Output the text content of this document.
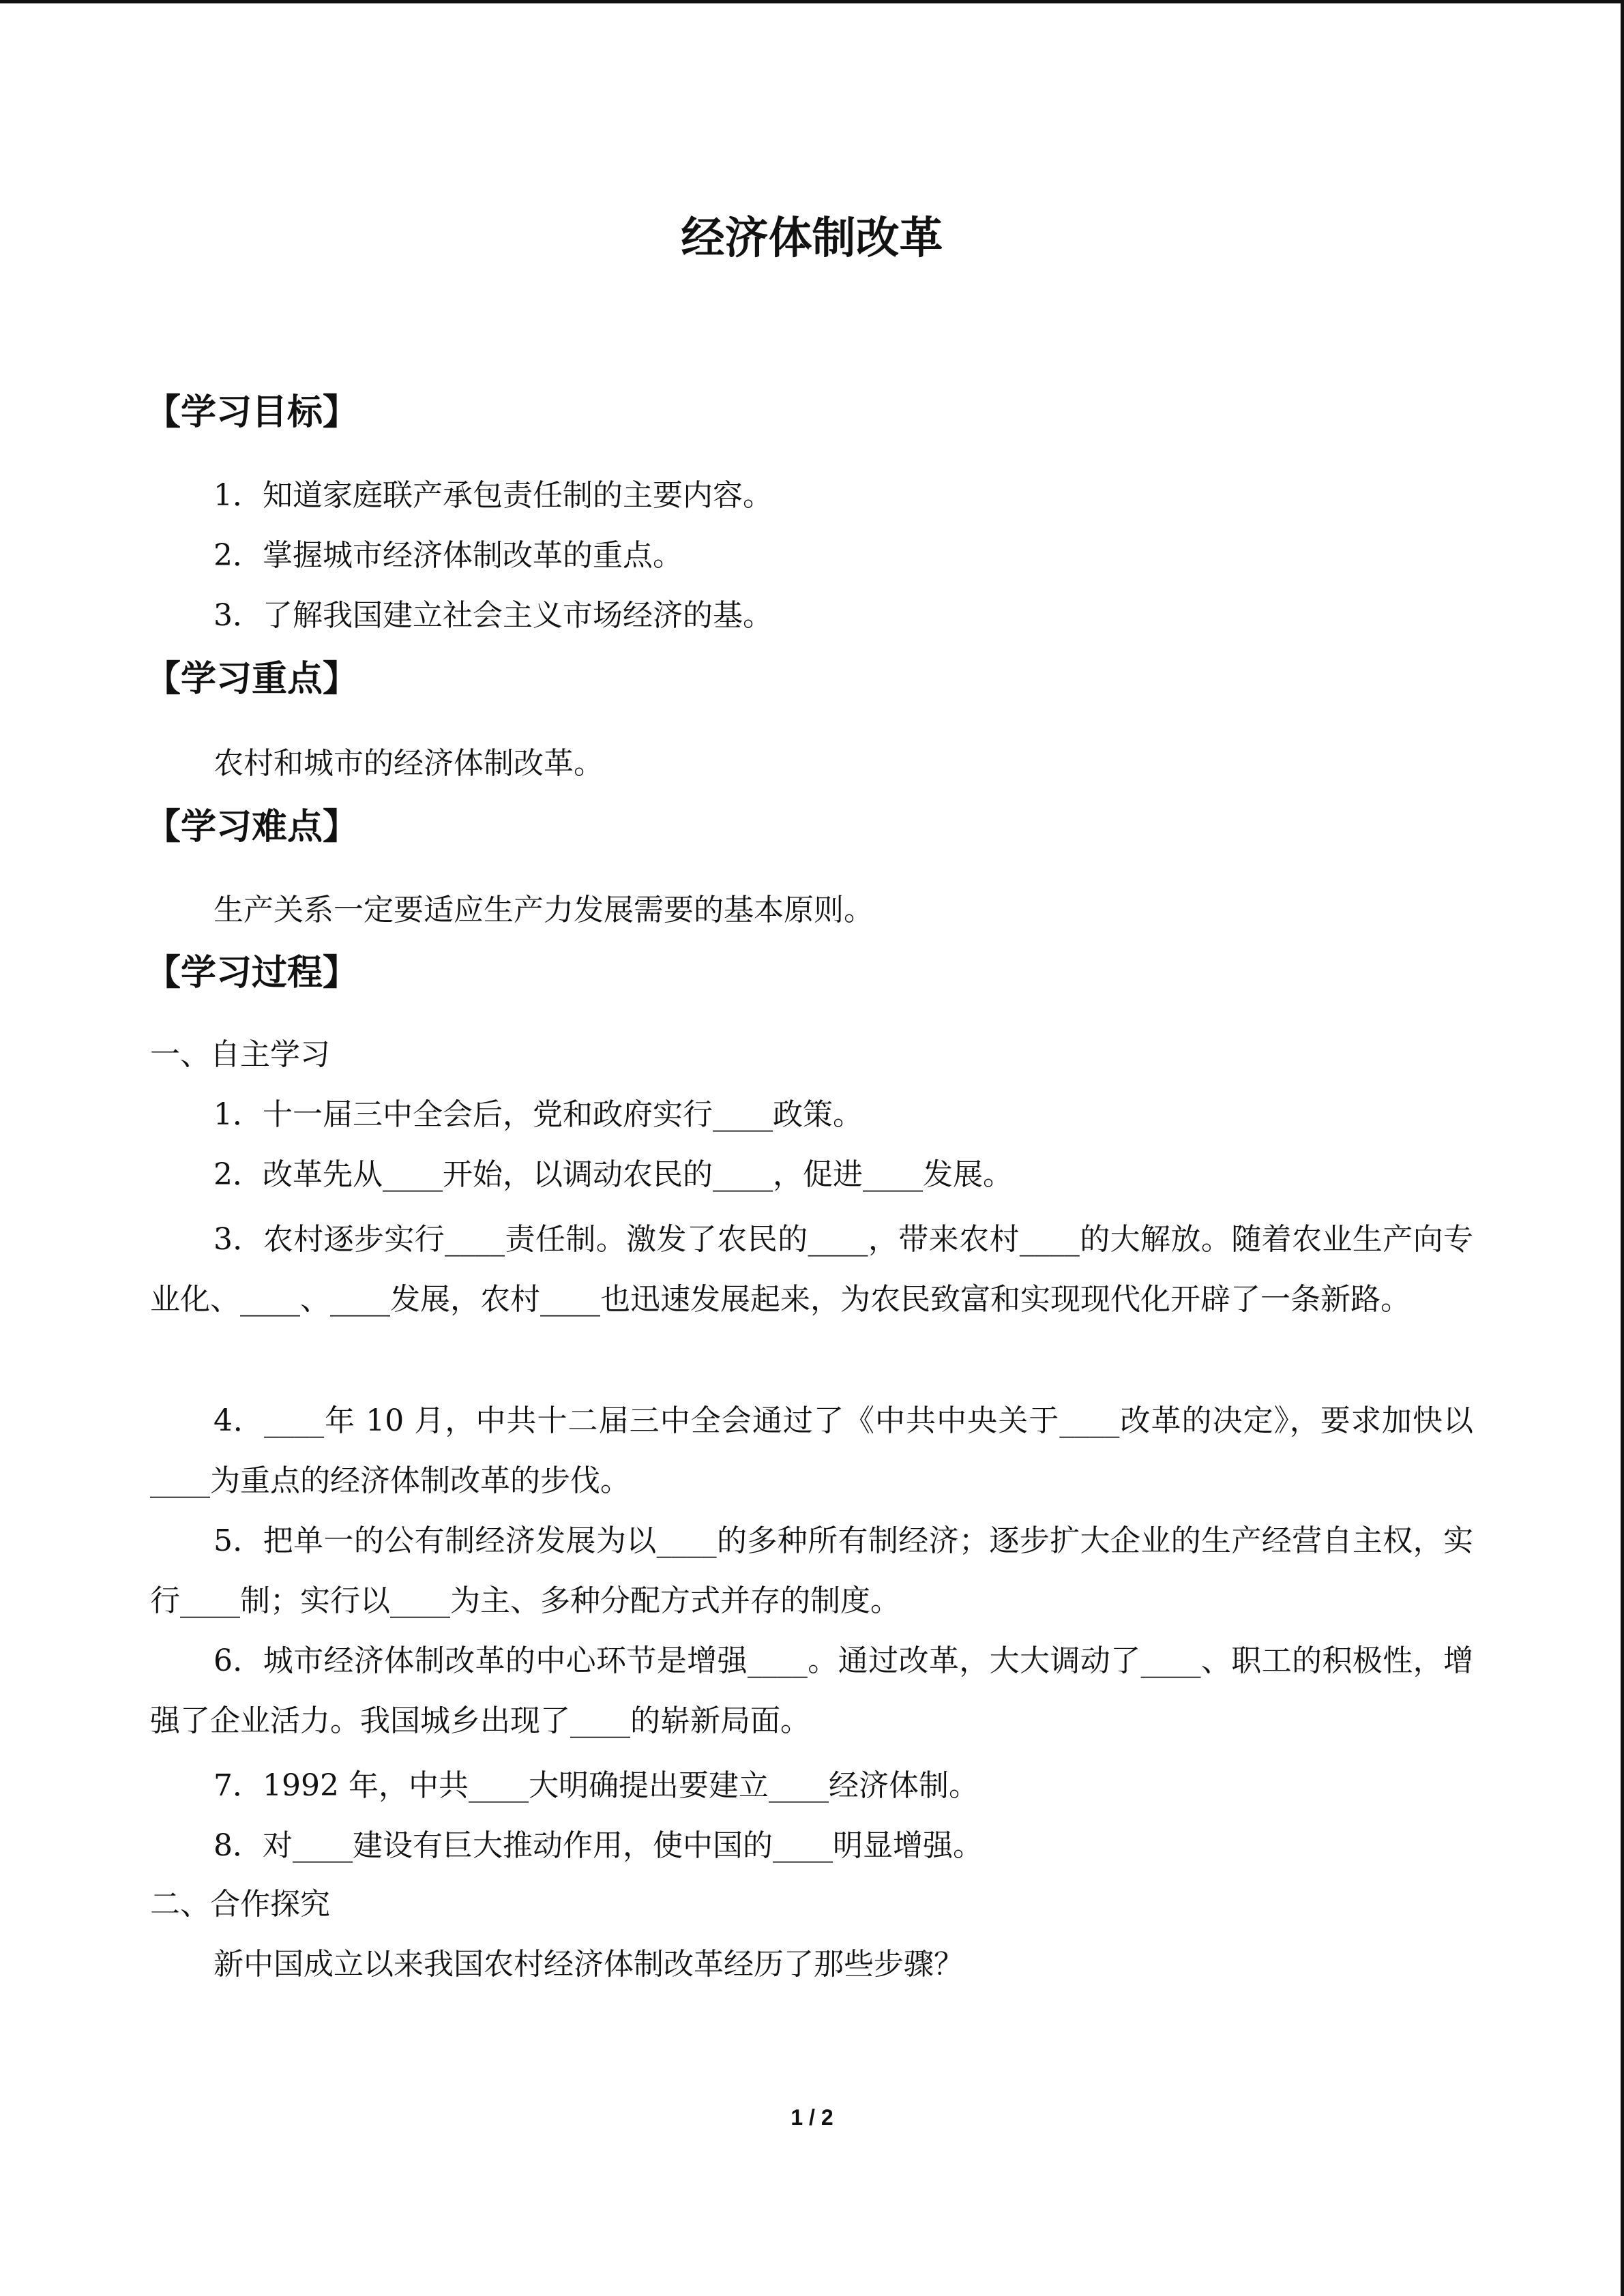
经济体制改革
【学习目标】
1．知道家庭联产承包责任制的主要内容。
2．掌握城市经济体制改革的重点。
3．了解我国建立社会主义市场经济的基。
【学习重点】
农村和城市的经济体制改革。
【学习难点】
生产关系一定要适应生产力发展需要的基本原则。
【学习过程】
一、自主学习
1．十一届三中全会后，党和政府实行____政策。
2．改革先从____开始，以调动农民的____，促进____发展。
3．农村逐步实行____责任制。激发了农民的____，带来农村____的大解放。随着农业生产向专业化、____、____发展，农村____也迅速发展起来，为农民致富和实现现代化开辟了一条新路。
4．____年 10 月，中共十二届三中全会通过了《中共中央关于____改革的决定》，要求加快以____为重点的经济体制改革的步伐。
5．把单一的公有制经济发展为以____的多种所有制经济；逐步扩大企业的生产经营自主权，实行____制；实行以____为主、多种分配方式并存的制度。
6．城市经济体制改革的中心环节是增强____。通过改革，大大调动了____、职工的积极性，增强了企业活力。我国城乡出现了____的崭新局面。
7．1992 年，中共____大明确提出要建立____经济体制。
8．对____建设有巨大推动作用，使中国的____明显增强。
二、合作探究
新中国成立以来我国农村经济体制改革经历了那些步骤？
1 / 2
